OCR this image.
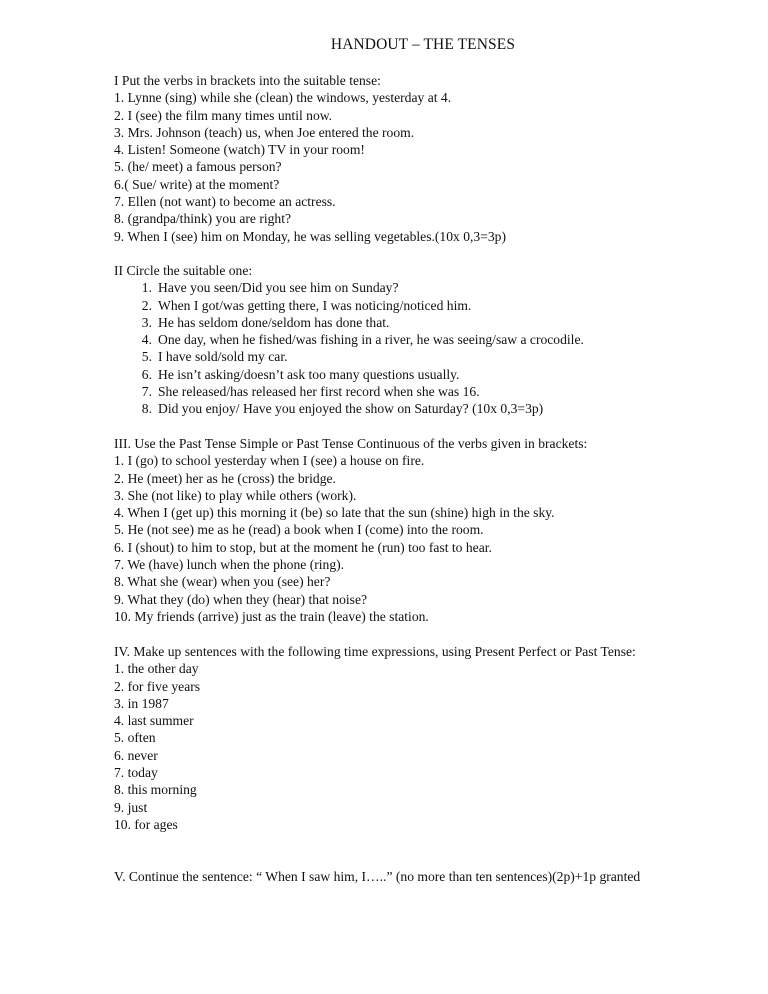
HANDOUT – THE TENSES
I Put the verbs in brackets into the suitable tense:
1. Lynne (sing) while she (clean) the windows, yesterday at 4.
2. I (see) the film many times until now.
3. Mrs. Johnson (teach) us, when Joe entered the room.
4. Listen! Someone (watch) TV in your room!
5. (he/ meet) a famous person?
6.( Sue/ write) at the moment?
7. Ellen (not want) to become an actress.
8. (grandpa/think) you are right?
9. When I (see) him on Monday, he was selling vegetables.(10x 0,3=3p)
II Circle the suitable one:
1. Have you seen/Did you see him on Sunday?
2. When I got/was getting there, I was noticing/noticed him.
3. He has seldom done/seldom has done that.
4. One day, when he fished/was fishing in a river, he was seeing/saw a crocodile.
5. I have sold/sold my car.
6. He isn’t asking/doesn’t ask too many questions usually.
7. She released/has released her first record when she was 16.
8. Did you enjoy/ Have you enjoyed the show on Saturday? (10x 0,3=3p)
III. Use the Past Tense Simple or Past Tense Continuous of the verbs given in brackets:
1. I (go) to school yesterday when I (see) a house on fire.
2. He (meet) her as he (cross) the bridge.
3. She (not like) to play while others (work).
4. When I (get up) this morning it (be) so late that the sun (shine) high in the sky.
5. He (not see) me as he (read) a book when I (come) into the room.
6. I (shout) to him to stop, but at the moment he (run) too fast to hear.
7. We (have) lunch when the phone (ring).
8. What she (wear) when you (see) her?
9. What they (do) when they (hear) that noise?
10. My friends (arrive) just as the train (leave) the station.
IV. Make up sentences with the following time expressions, using Present Perfect or Past Tense:
1. the other day
2. for five years
3. in 1987
4. last summer
5. often
6. never
7. today
8. this morning
9. just
10. for ages
V. Continue the sentence: “ When I saw him, I…..” (no more than ten sentences)(2p)+1p granted
